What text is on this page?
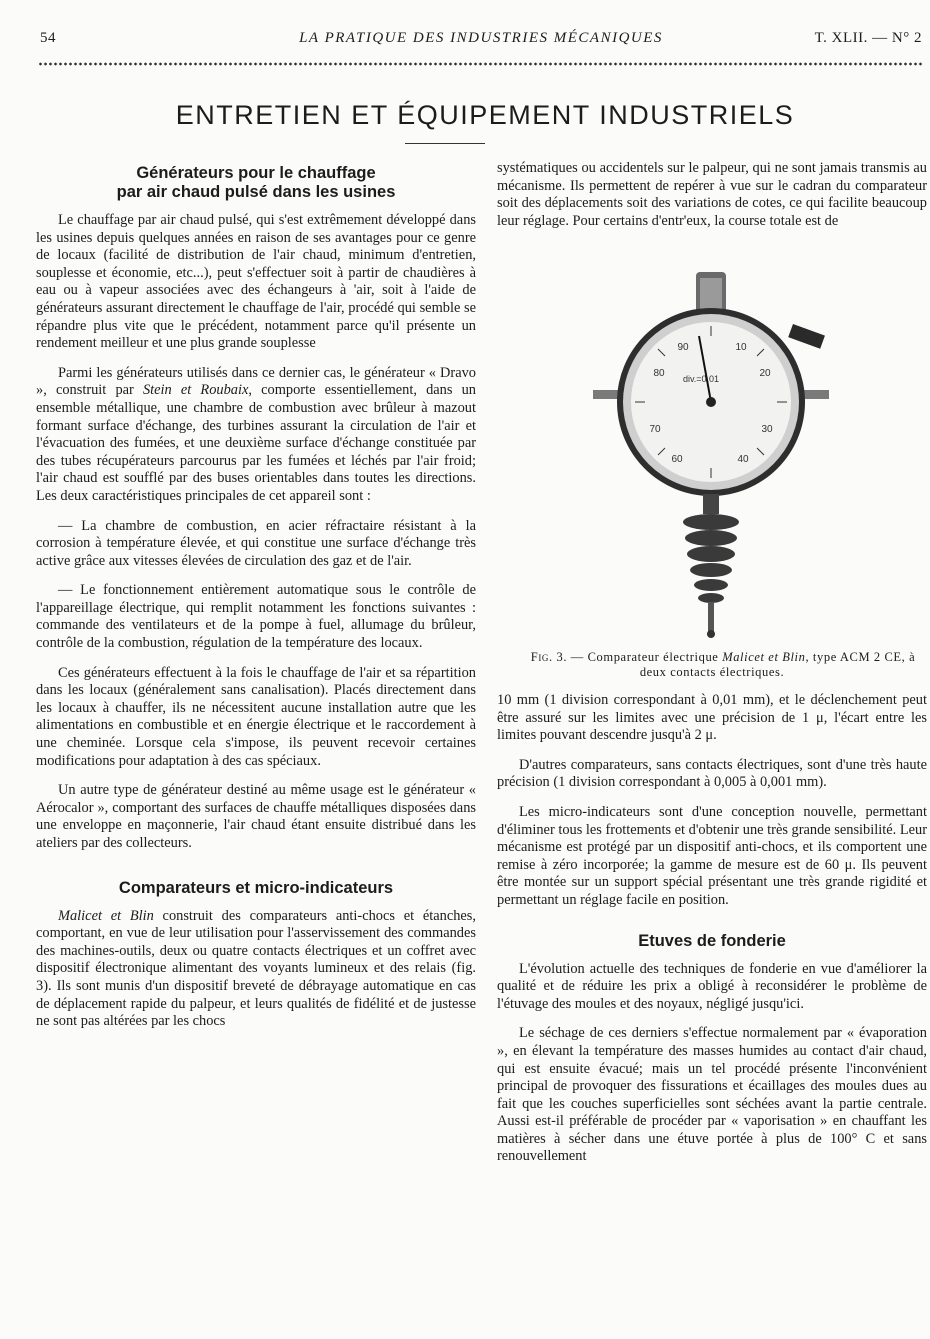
54	LA PRATIQUE DES INDUSTRIES MÉCANIQUES	T. XLII. — N° 2
ENTRETIEN ET ÉQUIPEMENT INDUSTRIELS
Générateurs pour le chauffage
par air chaud pulsé dans les usines

Le chauffage par air chaud pulsé, qui s'est extrêmement développé dans les usines depuis quelques années en raison de ses avantages pour ce genre de locaux (facilité de distribution de l'air chaud, minimum d'entretien, souplesse et économie, etc...), peut s'effectuer soit à partir de chaudières à eau ou à vapeur associées avec des échangeurs à 'air, soit à l'aide de générateurs assurant directement le chauffage de l'air, procédé qui semble se répandre plus vite que le précédent, notamment parce qu'il présente un rendement meilleur et une plus grande souplesse

Parmi les générateurs utilisés dans ce dernier cas, le générateur « Dravo », construit par Stein et Roubaix, comporte essentiellement, dans un ensemble métallique, une chambre de combustion avec brûleur à mazout formant surface d'échange, des turbines assurant la circulation de l'air et l'évacuation des fumées, et une deuxième surface d'échange constituée par des tubes récupérateurs parcourus par les fumées et léchés par l'air froid; l'air chaud est soufflé par des buses orientables dans toutes les directions. Les deux caractéristiques principales de cet appareil sont :

— La chambre de combustion, en acier réfractaire résistant à la corrosion à température élevée, et qui constitue une surface d'échange très active grâce aux vitesses élevées de circulation des gaz et de l'air.

— Le fonctionnement entièrement automatique sous le contrôle de l'appareillage électrique, qui remplit notamment les fonctions suivantes : commande des ventilateurs et de la pompe à fuel, allumage du brûleur, contrôle de la combustion, régulation de la température des locaux.

Ces générateurs effectuent à la fois le chauffage de l'air et sa répartition dans les locaux (généralement sans canalisation). Placés directement dans les locaux à chauffer, ils ne nécessitent aucune installation autre que les alimentations en combustible et en énergie électrique et le raccordement à une cheminée. Lorsque cela s'impose, ils peuvent recevoir certaines modifications pour adaptation à des cas spéciaux.

Un autre type de générateur destiné au même usage est le générateur « Aérocalor », comportant des surfaces de chauffe métalliques disposées dans une enveloppe en maçonnerie, l'air chaud étant ensuite distribué dans les ateliers par des collecteurs.

Comparateurs et micro-indicateurs

Malicet et Blin construit des comparateurs anti-chocs et étanches, comportant, en vue de leur utilisation pour l'asservissement des commandes des machines-outils, deux ou quatre contacts électriques et un coffret avec dispositif électronique alimentant des voyants lumineux et des relais (fig. 3). Ils sont munis d'un dispositif breveté de débrayage automatique en cas de déplacement rapide du palpeur, et leurs qualités de fidélité et de justesse ne sont pas altérées par les chocs

systématiques ou accidentels sur le palpeur, qui ne sont jamais transmis au mécanisme. Ils permettent de repérer à vue sur le cadran du comparateur soit des déplacements soit des variations de cotes, ce qui facilite beaucoup leur réglage. Pour certains d'entr'eux, la course totale est de

90	10
80	20
70	30
60	40
div.=0,01

Fig. 3. — Comparateur électrique Malicet et Blin, type ACM 2 CE, à deux contacts électriques.

10 mm (1 division correspondant à 0,01 mm), et le déclenchement peut être assuré sur les limites avec une précision de 1 μ, l'écart entre les limites pouvant descendre jusqu'à 2 μ.

D'autres comparateurs, sans contacts électriques, sont d'une très haute précision (1 division correspondant à 0,005 à 0,001 mm).

Les micro-indicateurs sont d'une conception nouvelle, permettant d'éliminer tous les frottements et d'obtenir une très grande sensibilité. Leur mécanisme est protégé par un dispositif anti-chocs, et ils comportent une remise à zéro incorporée; la gamme de mesure est de 60 μ. Ils peuvent être montée sur un support spécial présentant une très grande rigidité et permettant un réglage facile en position.

Etuves de fonderie

L'évolution actuelle des techniques de fonderie en vue d'améliorer la qualité et de réduire les prix a obligé à reconsidérer le problème de l'étuvage des moules et des noyaux, négligé jusqu'ici.

Le séchage de ces derniers s'effectue normalement par « évaporation », en élevant la température des masses humides au contact d'air chaud, qui est ensuite évacué; mais un tel procédé présente l'inconvénient principal de provoquer des fissurations et écaillages des moules dues au fait que les couches superficielles sont séchées avant la partie centrale. Aussi est-il préférable de procéder par « vaporisation » en chauffant les matières à sécher dans une étuve portée à plus de 100° C et sans renouvellement
